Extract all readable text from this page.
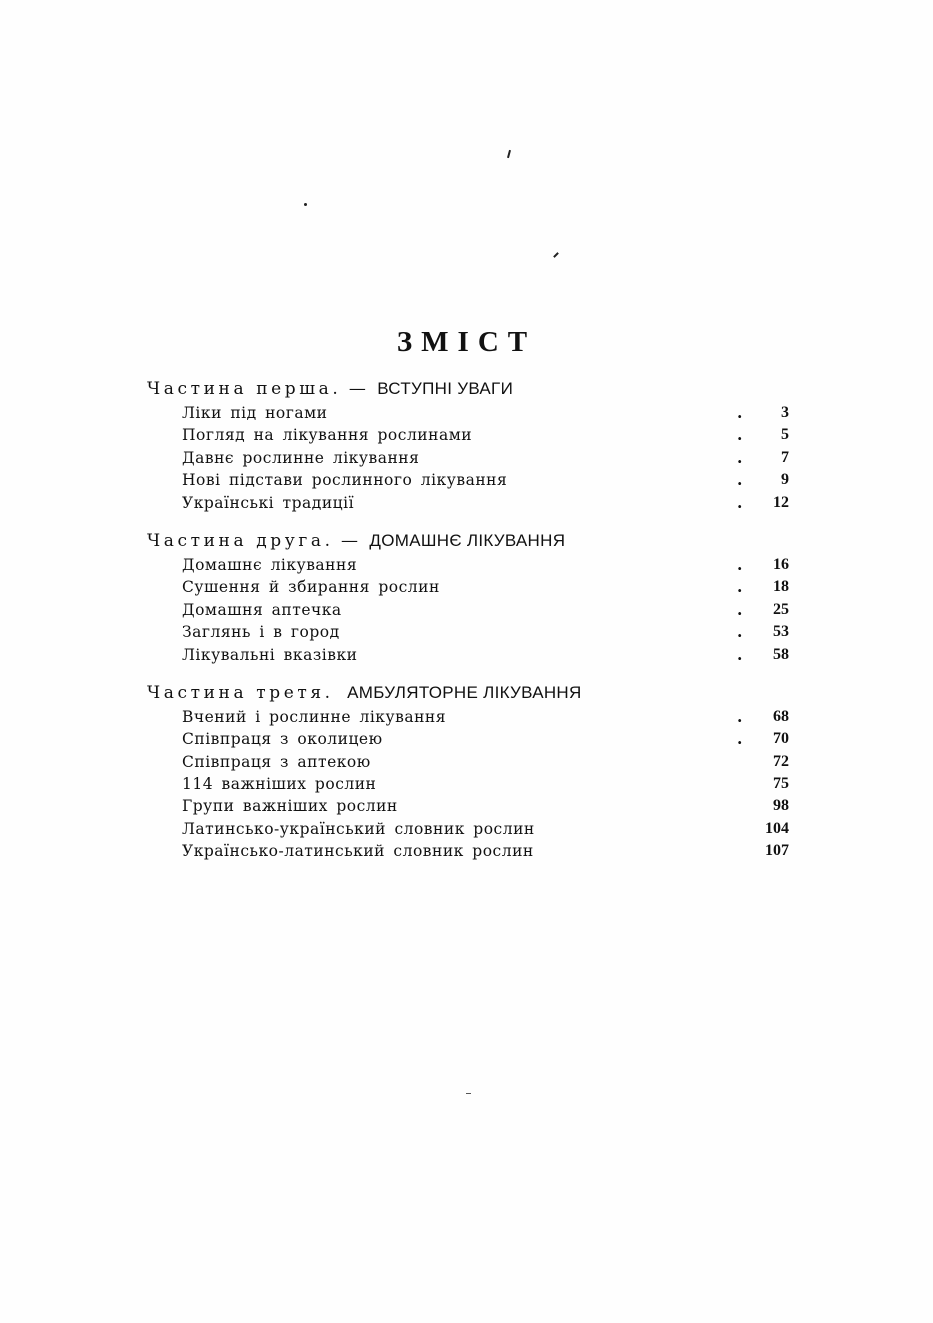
ЗМІСТ
Частина перша. — ВСТУПНІ УВАГИ
Ліки під ногами	.	3
Погляд на лікування рослинами	.	5
Давнє рослинне лікування	.	7
Нові підстави рослинного лікування	.	9
Українські традиції	.	12
Частина друга. — ДОМАШНЄ ЛІКУВАННЯ
Домашнє лікування	.	16
Сушення й збирання рослин	.	18
Домашня аптечка	.	25
Заглянь і в город	.	53
Лікувальні вказівки	.	58
Частина третя. АМБУЛЯТОРНЕ ЛІКУВАННЯ
Вчений і рослинне лікування	.	68
Співпраця з околицею	.	70
Співпраця з аптекою	72
114 важніших рослин	75
Групи важніших рослин	98
Латинсько-український словник рослин	104
Українсько-латинський словник рослин	107
